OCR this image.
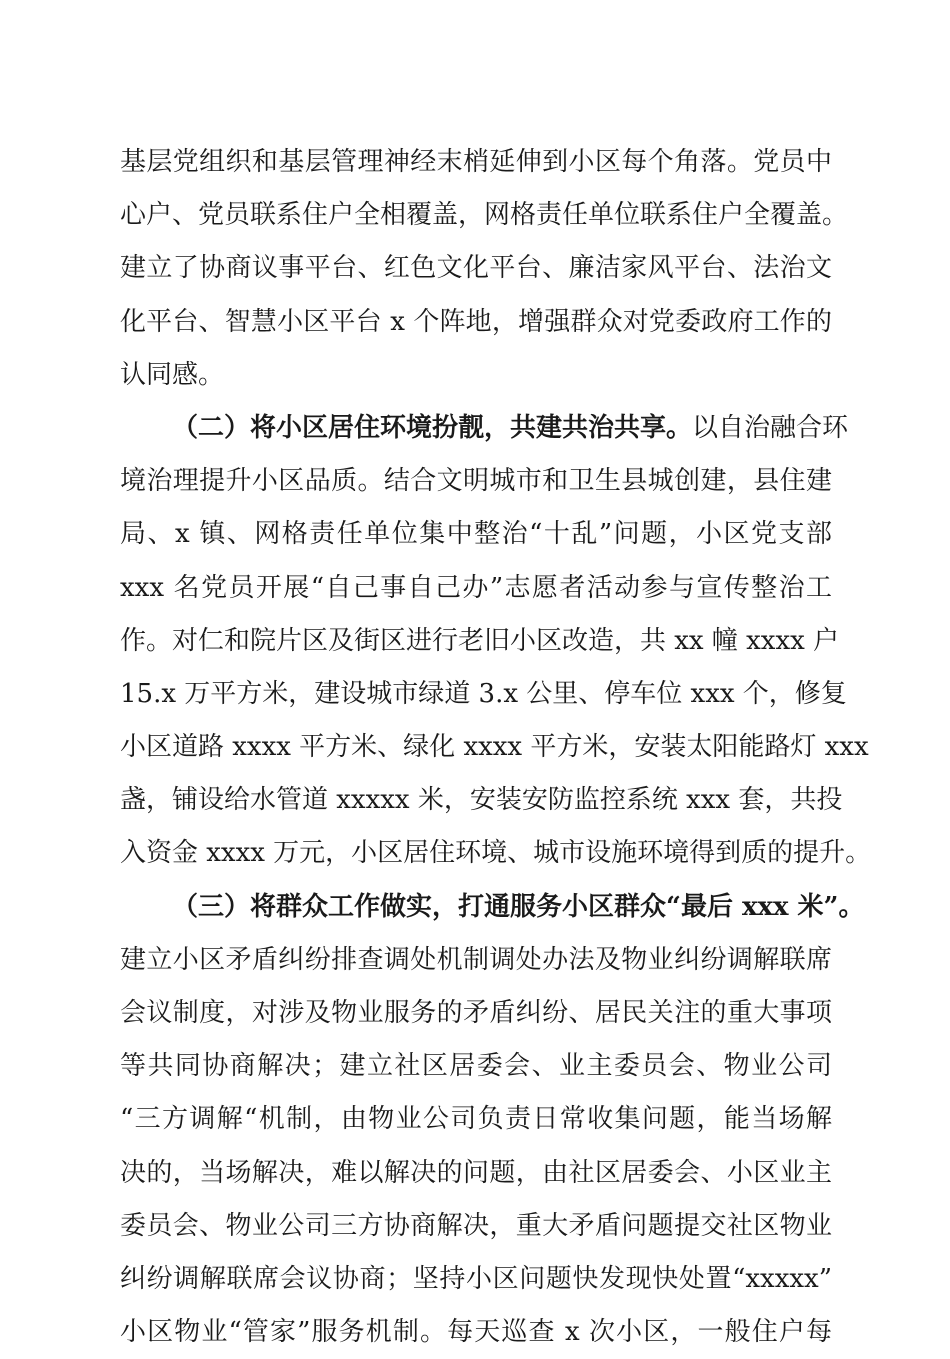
基层党组织和基层管理神经末梢延伸到小区每个角落。党员中
心户、党员联系住户全相覆盖，网格责任单位联系住户全覆盖。
建立了协商议事平台、红色文化平台、廉洁家风平台、法治文
化平台、智慧小区平台 x 个阵地，增强群众对党委政府工作的
认同感。
（二）将小区居住环境扮靓，共建共治共享。以自治融合环
境治理提升小区品质。结合文明城市和卫生县城创建，县住建
局、x 镇、网格责任单位集中整治“十乱”问题，小区党支部
xxx 名党员开展“自己事自己办”志愿者活动参与宣传整治工
作。对仁和院片区及街区进行老旧小区改造，共 xx 幢 xxxx 户
15.x 万平方米，建设城市绿道 3.x 公里、停车位 xxx 个，修复
小区道路 xxxx 平方米、绿化 xxxx 平方米，安装太阳能路灯 xxx
盏，铺设给水管道 xxxxx 米，安装安防监控系统 xxx 套，共投
入资金 xxxx 万元，小区居住环境、城市设施环境得到质的提升。
（三）将群众工作做实，打通服务小区群众“最后 xxx 米”。
建立小区矛盾纠纷排查调处机制调处办法及物业纠纷调解联席
会议制度，对涉及物业服务的矛盾纠纷、居民关注的重大事项
等共同协商解决；建立社区居委会、业主委员会、物业公司
“三方调解“机制，由物业公司负责日常收集问题，能当场解
决的，当场解决，难以解决的问题，由社区居委会、小区业主
委员会、物业公司三方协商解决，重大矛盾问题提交社区物业
纠纷调解联席会议协商；坚持小区问题快发现快处置“xxxxx”
小区物业“管家”服务机制。每天巡查 x 次小区，一般住户每
